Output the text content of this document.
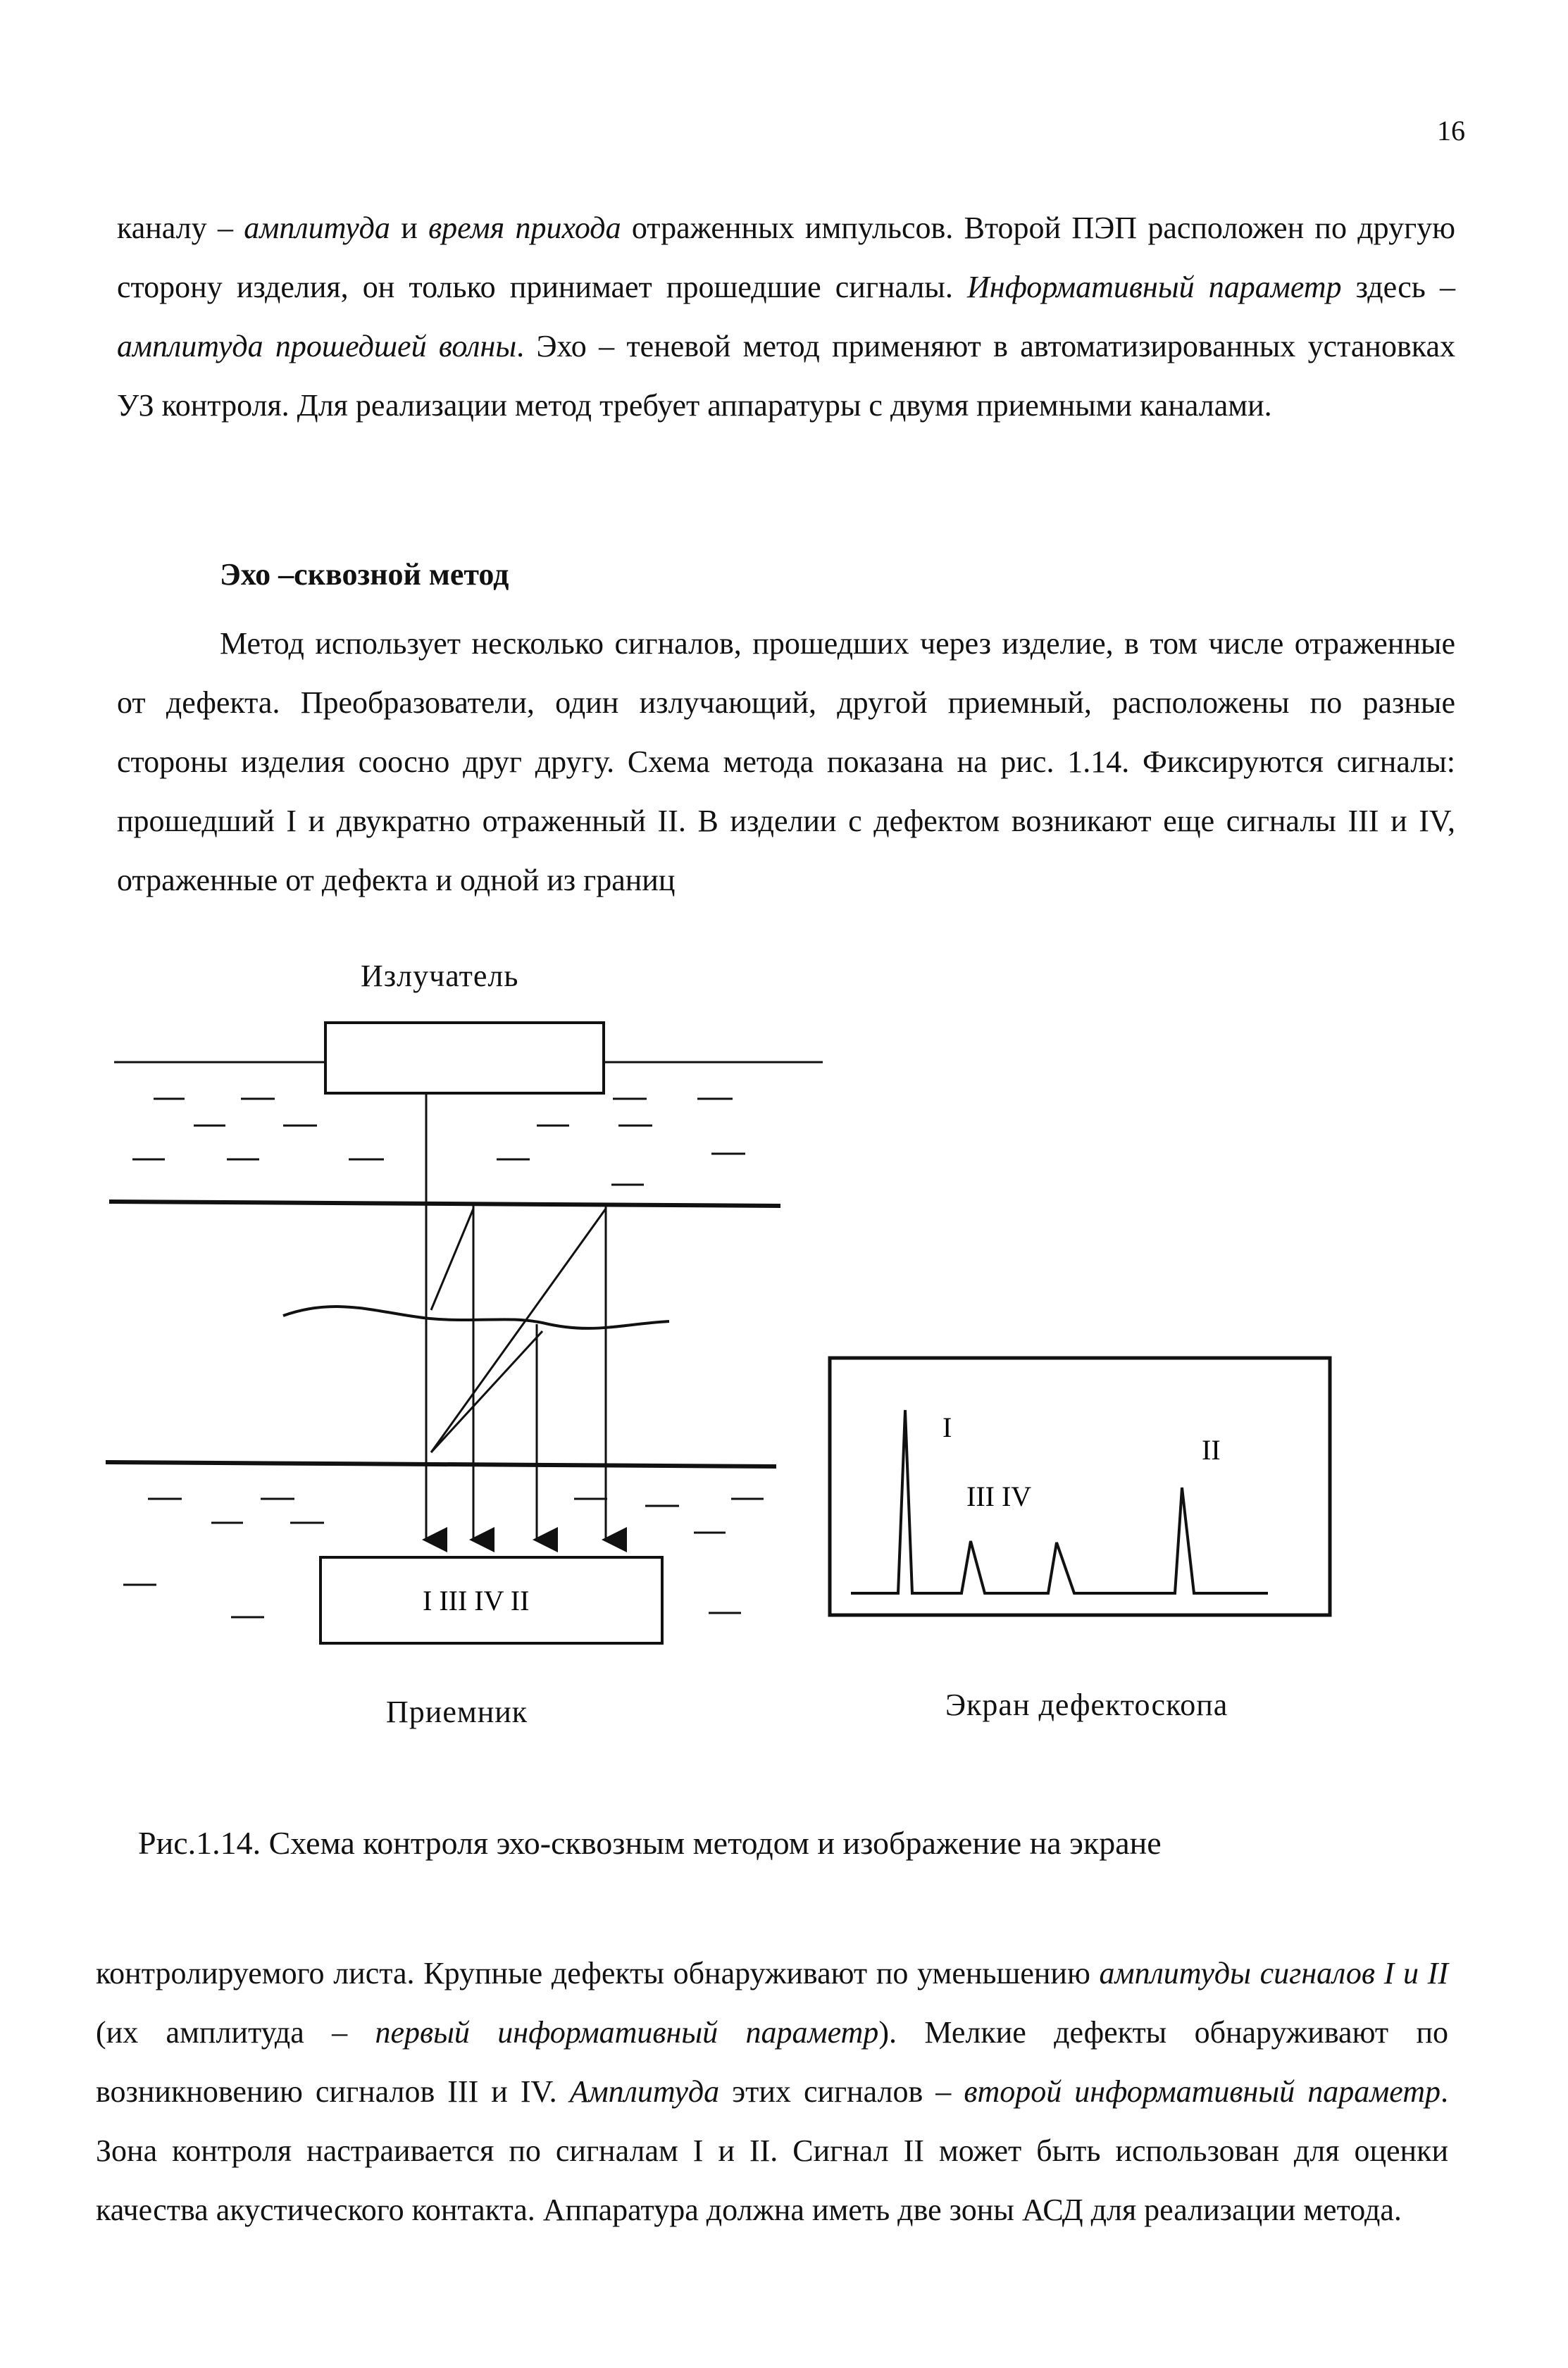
16
каналу – амплитуда и время прихода отраженных импульсов. Второй ПЭП расположен по другую сторону изделия, он только принимает прошедшие сигналы. Информативный параметр здесь – амплитуда прошедшей волны. Эхо – теневой метод применяют в автоматизированных установках УЗ контроля. Для реализации метод требует аппаратуры с двумя приемными каналами.
Эхо –сквозной метод
Метод использует несколько сигналов, прошедших через изделие, в том числе отраженные от дефекта. Преобразователи, один излучающий, другой приемный, расположены по разные стороны изделия соосно друг другу. Схема метода показана на рис. 1.14. Фиксируются сигналы: прошедший I и двукратно отраженный II. В изделии с дефектом возникают еще сигналы III и IV, отраженные от дефекта и одной из границ
Излучатель
Приемник	Экран дефектоскопа
I III IV II
I
II
III IV
Рис.1.14. Схема контроля эхо-сквозным методом и изображение на экране
контролируемого листа. Крупные дефекты обнаруживают по уменьшению амплитуды сигналов I и II (их амплитуда – первый информативный параметр). Мелкие дефекты обнаруживают по возникновению сигналов III и IV. Амплитуда этих сигналов – второй информативный параметр. Зона контроля настраивается по сигналам I и II. Сигнал II может быть использован для оценки качества акустического контакта. Аппаратура должна иметь две зоны АСД для реализации метода.
